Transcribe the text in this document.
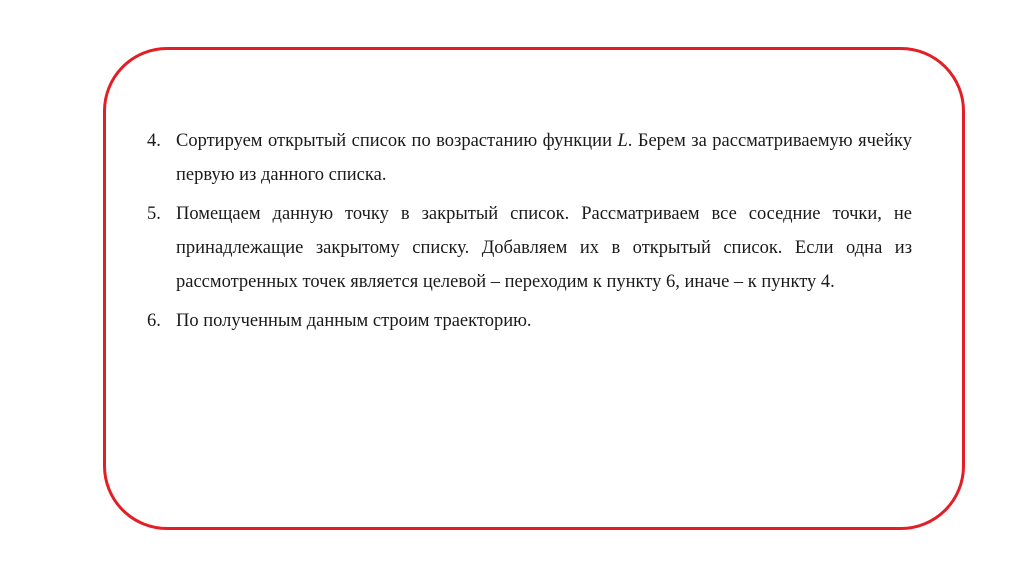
4. Сортируем открытый список по возрастанию функции L. Берем за рассматриваемую ячейку первую из данного списка.
5. Помещаем данную точку в закрытый список. Рассматриваем все соседние точки, не принадлежащие закрытому списку. Добавляем их в открытый список. Если одна из рассмотренных точек является целевой – переходим к пункту 6, иначе – к пункту 4.
6. По полученным данным строим траекторию.
